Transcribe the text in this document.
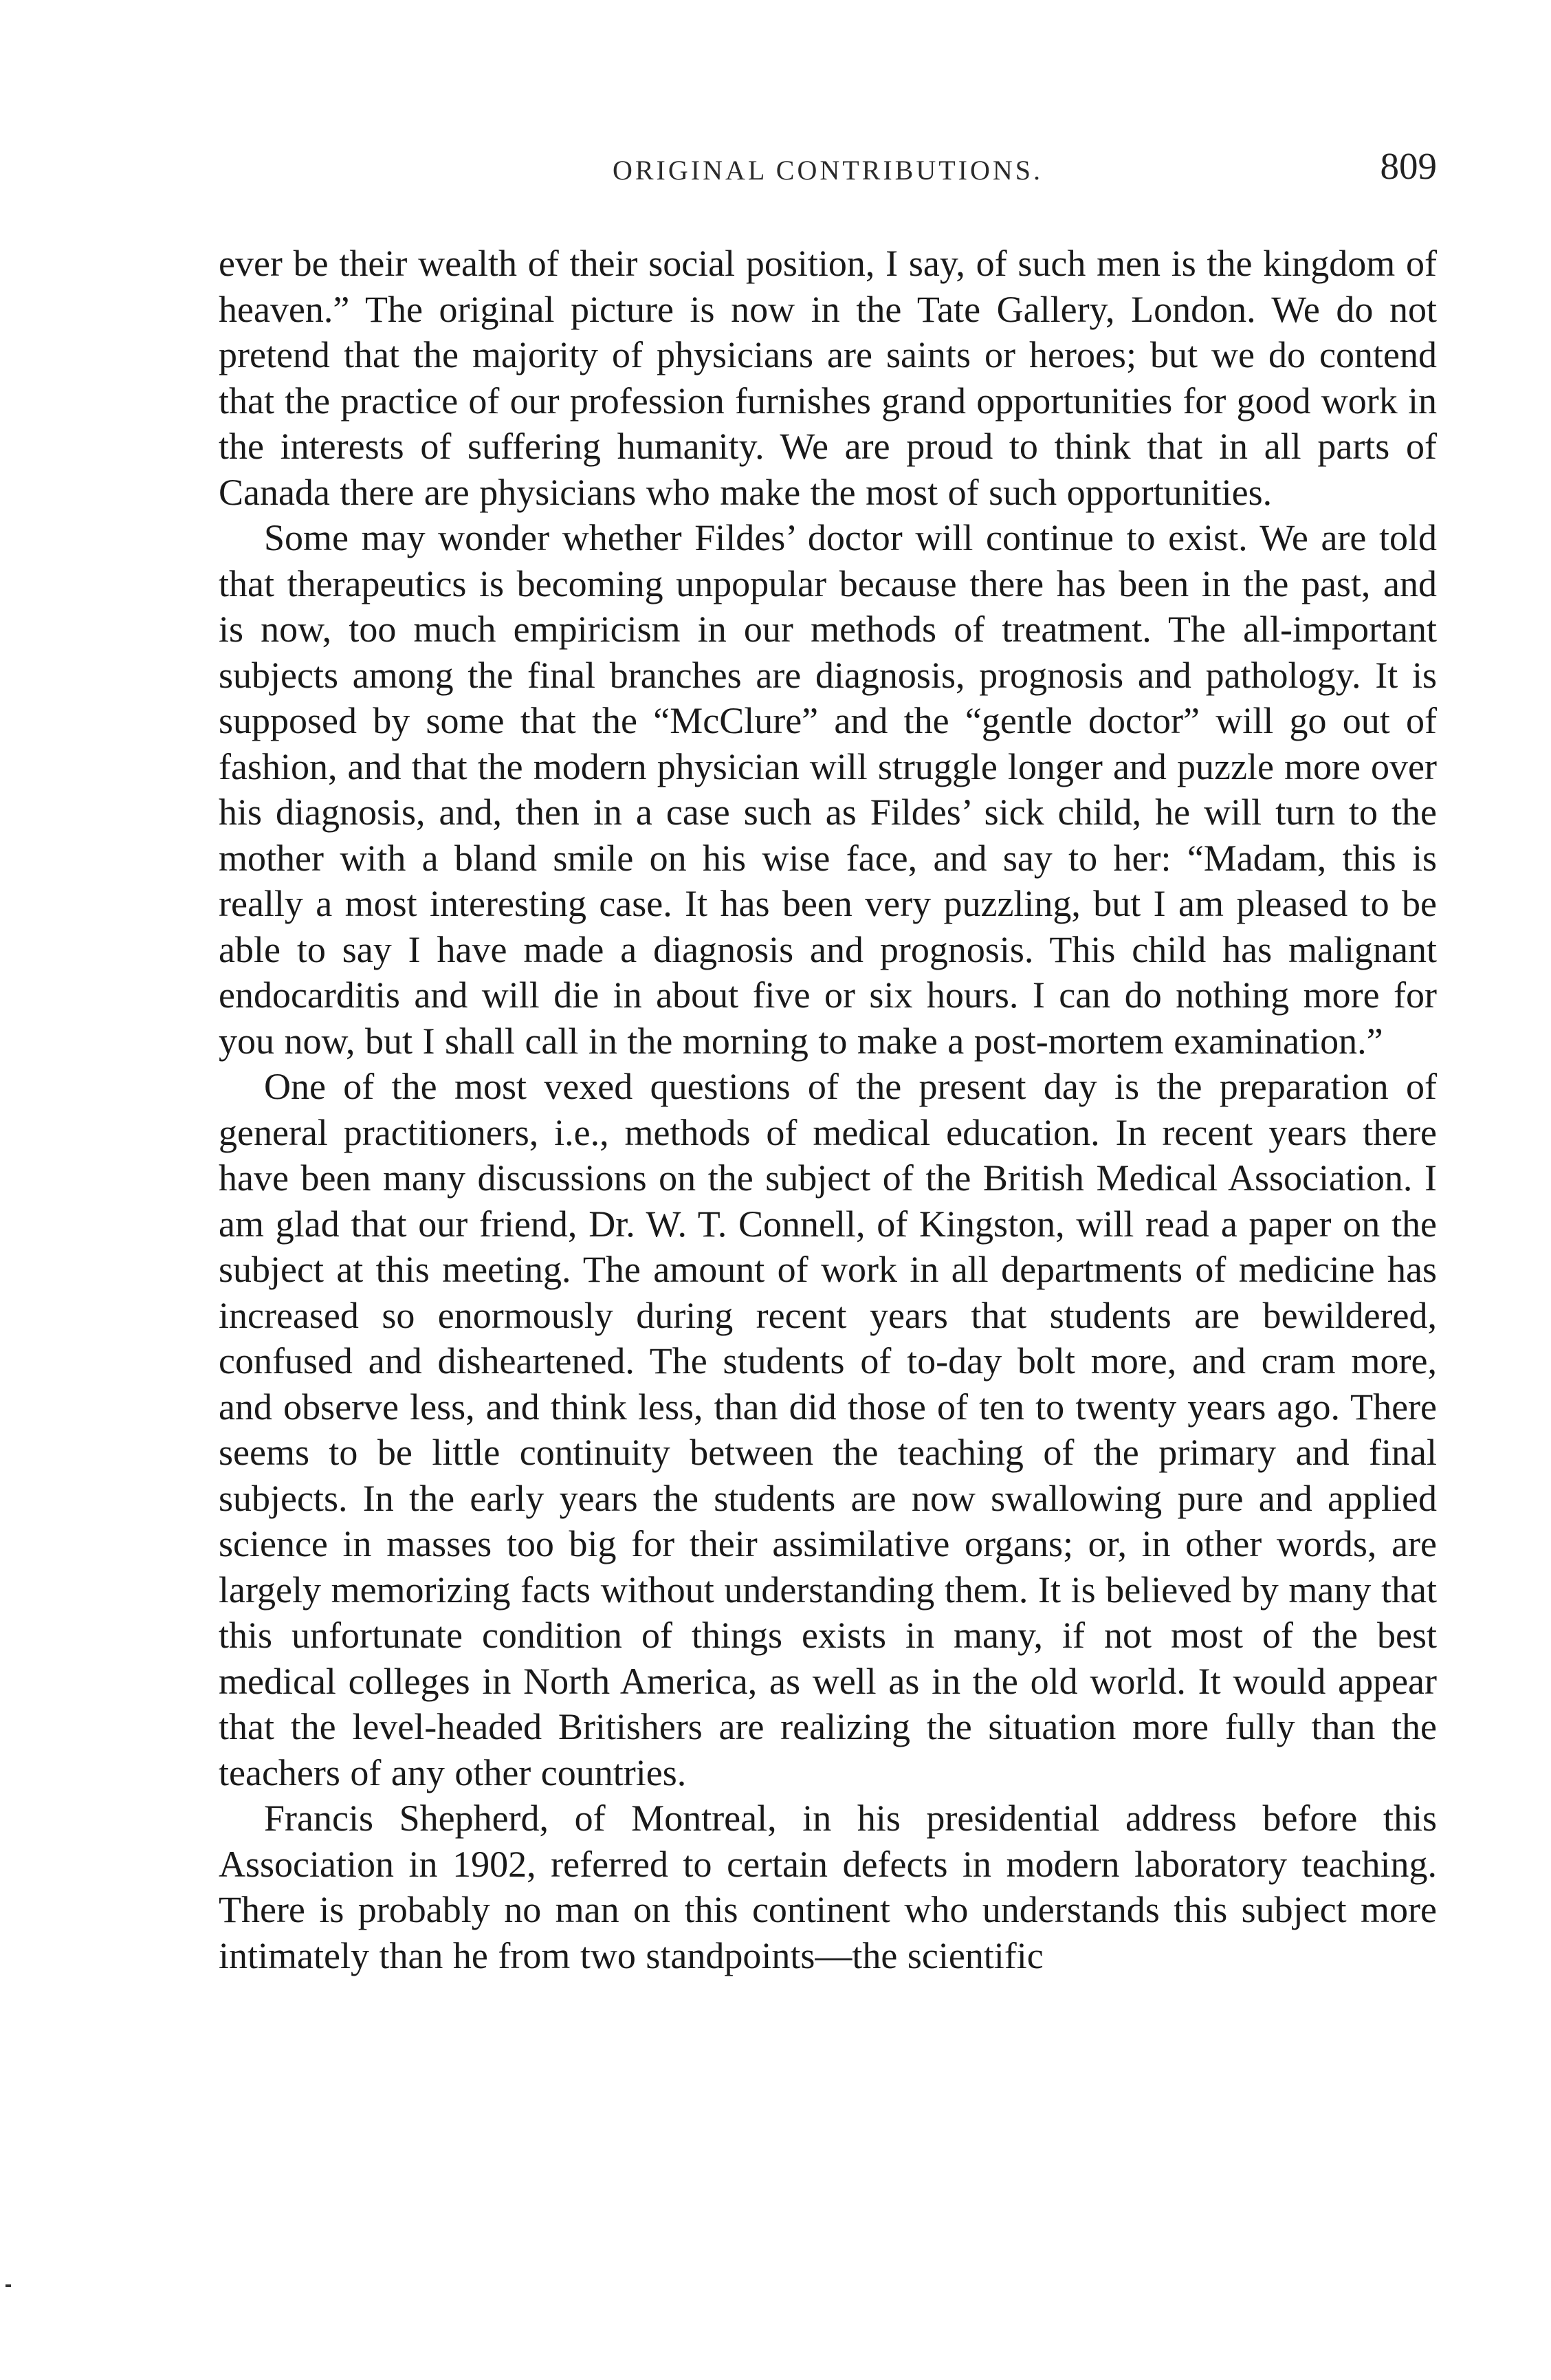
ORIGINAL CONTRIBUTIONS.	809

ever be their wealth of their social position, I say, of such men is the kingdom of heaven.” The original picture is now in the Tate Gallery, London. We do not pretend that the majority of physicians are saints or heroes; but we do contend that the practice of our profession furnishes grand opportunities for good work in the interests of suffering humanity. We are proud to think that in all parts of Canada there are physicians who make the most of such opportunities.

Some may wonder whether Fildes’ doctor will continue to exist. We are told that therapeutics is becoming unpopular because there has been in the past, and is now, too much empiricism in our methods of treatment. The all-important subjects among the final branches are diagnosis, prognosis and pathology. It is supposed by some that the “McClure” and the “gentle doctor” will go out of fashion, and that the modern physician will struggle longer and puzzle more over his diagnosis, and, then in a case such as Fildes’ sick child, he will turn to the mother with a bland smile on his wise face, and say to her: “Madam, this is really a most interesting case. It has been very puzzling, but I am pleased to be able to say I have made a diagnosis and prognosis. This child has malignant endocarditis and will die in about five or six hours. I can do nothing more for you now, but I shall call in the morning to make a post-mortem examination.”

One of the most vexed questions of the present day is the preparation of general practitioners, i.e., methods of medical education. In recent years there have been many discussions on the subject of the British Medical Association. I am glad that our friend, Dr. W. T. Connell, of Kingston, will read a paper on the subject at this meeting. The amount of work in all departments of medicine has increased so enormously during recent years that students are bewildered, confused and disheartened. The students of to-day bolt more, and cram more, and observe less, and think less, than did those of ten to twenty years ago. There seems to be little continuity between the teaching of the primary and final subjects. In the early years the students are now swallowing pure and applied science in masses too big for their assimilative organs; or, in other words, are largely memorizing facts without understanding them. It is believed by many that this unfortunate condition of things exists in many, if not most of the best medical colleges in North America, as well as in the old world. It would appear that the level-headed Britishers are realizing the situation more fully than the teachers of any other countries.

Francis Shepherd, of Montreal, in his presidential address before this Association in 1902, referred to certain defects in modern laboratory teaching. There is probably no man on this continent who understands this subject more intimately than he from two standpoints—the scientific
